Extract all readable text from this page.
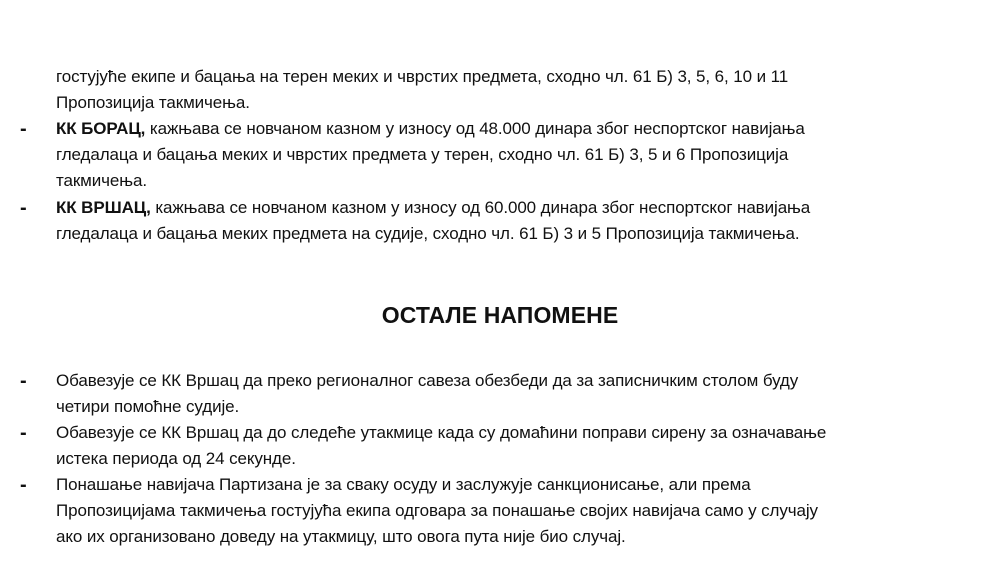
гостујуће екипе и бацања на терен меких и чврстих предмета, сходно чл. 61 Б) 3, 5, 6, 10 и 11
Пропозиција такмичења.
- КК БОРАЦ, кажњава се новчаном казном у износу од 48.000 динара због неспортског навијања
гледалаца и бацања меких и чврстих предмета у терен, сходно чл. 61 Б) 3, 5 и 6 Пропозиција
такмичења.
- КК ВРШАЦ, кажњава се новчаном казном у износу од 60.000 динара због неспортског навијања
гледалаца и бацања меких предмета на судије, сходно чл. 61 Б) 3 и 5 Пропозиција такмичења.
ОСТАЛЕ НАПОМЕНЕ
- Обавезује се КК Вршац да преко регионалног савеза обезбеди да за записничким столом буду
четири помоћне судије.
- Обавезује се КК Вршац да до следеће утакмице када су домаћини поправи сирену за означавање
истека периода од 24 секунде.
- Понашање навијача Партизана је за сваку осуду и заслужује санкционисање, али према
Пропозицијама такмичења гостујућа екипа одговара за понашање својих навијача само у случају
ако их организовано доведу на утакмицу, што овога пута није био случај.
